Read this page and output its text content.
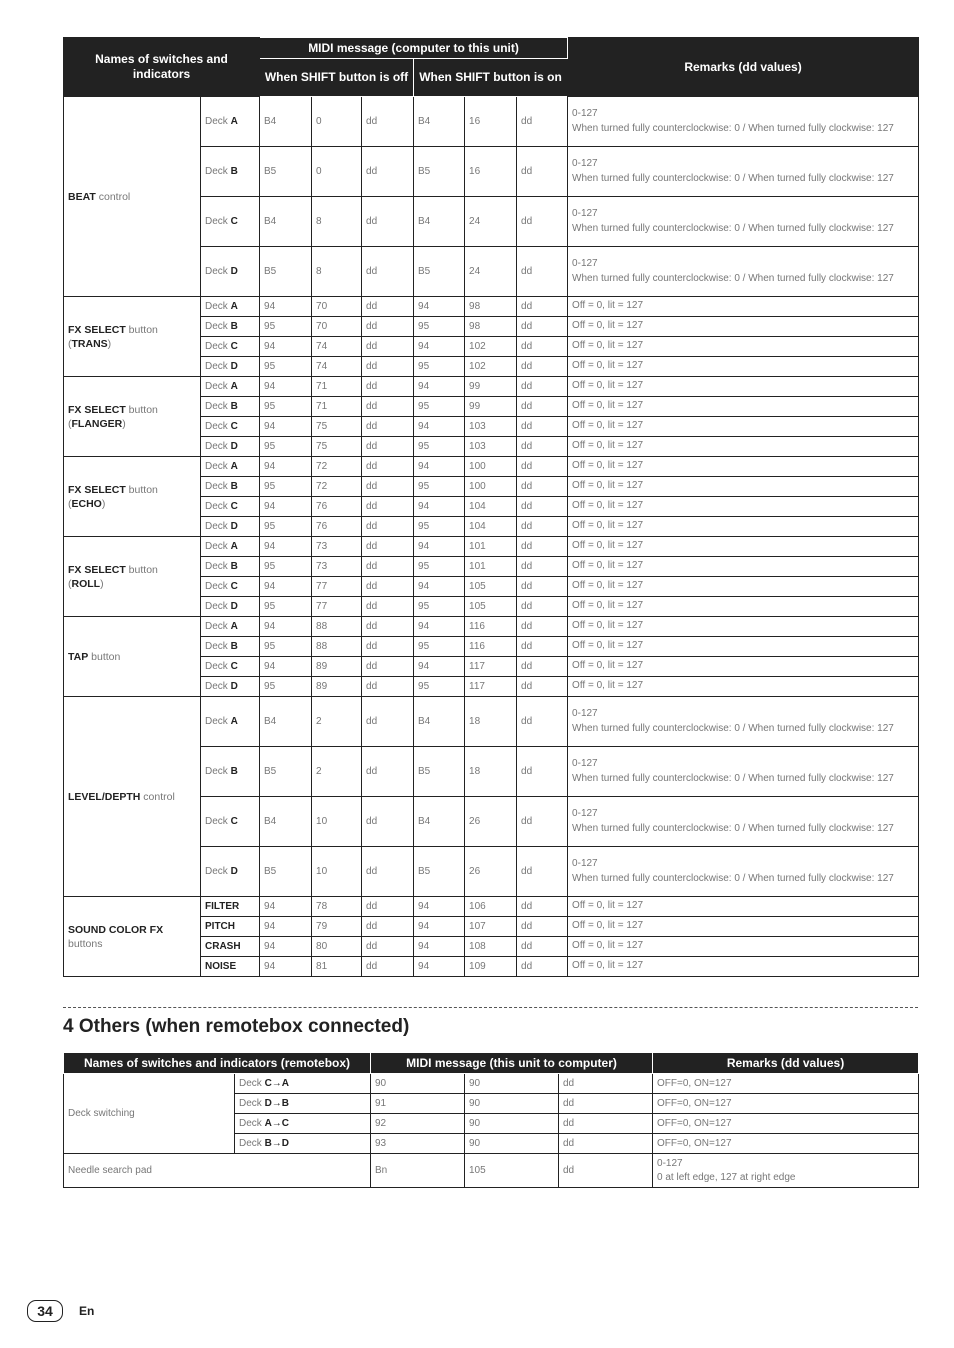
Names of switches and indicators		MIDI message (computer to this unit)						Remarks (dd values)
		When SHIFT button is off			When SHIFT button is on			
BEAT control	Deck A	B4	0	dd	B4	16	dd	0-127
When turned fully counterclockwise: 0 / When turned fully clockwise: 127
	Deck B	B5	0	dd	B5	16	dd	0-127
When turned fully counterclockwise: 0 / When turned fully clockwise: 127
	Deck C	B4	8	dd	B4	24	dd	0-127
When turned fully counterclockwise: 0 / When turned fully clockwise: 127
	Deck D	B5	8	dd	B5	24	dd	0-127
When turned fully counterclockwise: 0 / When turned fully clockwise: 127
FX SELECT button
(TRANS)	Deck A	94	70	dd	94	98	dd	Off = 0, lit = 127
	Deck B	95	70	dd	95	98	dd	Off = 0, lit = 127
	Deck C	94	74	dd	94	102	dd	Off = 0, lit = 127
	Deck D	95	74	dd	95	102	dd	Off = 0, lit = 127
FX SELECT button
(FLANGER)	Deck A	94	71	dd	94	99	dd	Off = 0, lit = 127
	Deck B	95	71	dd	95	99	dd	Off = 0, lit = 127
	Deck C	94	75	dd	94	103	dd	Off = 0, lit = 127
	Deck D	95	75	dd	95	103	dd	Off = 0, lit = 127
FX SELECT button
(ECHO)	Deck A	94	72	dd	94	100	dd	Off = 0, lit = 127
	Deck B	95	72	dd	95	100	dd	Off = 0, lit = 127
	Deck C	94	76	dd	94	104	dd	Off = 0, lit = 127
	Deck D	95	76	dd	95	104	dd	Off = 0, lit = 127
FX SELECT button (ROLL)	Deck A	94	73	dd	94	101	dd	Off = 0, lit = 127
	Deck B	95	73	dd	95	101	dd	Off = 0, lit = 127
	Deck C	94	77	dd	94	105	dd	Off = 0, lit = 127
	Deck D	95	77	dd	95	105	dd	Off = 0, lit = 127
TAP button	Deck A	94	88	dd	94	116	dd	Off = 0, lit = 127
	Deck B	95	88	dd	95	116	dd	Off = 0, lit = 127
	Deck C	94	89	dd	94	117	dd	Off = 0, lit = 127
	Deck D	95	89	dd	95	117	dd	Off = 0, lit = 127
LEVEL/DEPTH control	Deck A	B4	2	dd	B4	18	dd	0-127
When turned fully counterclockwise: 0 / When turned fully clockwise: 127
	Deck B	B5	2	dd	B5	18	dd	0-127
When turned fully counterclockwise: 0 / When turned fully clockwise: 127
	Deck C	B4	10	dd	B4	26	dd	0-127
When turned fully counterclockwise: 0 / When turned fully clockwise: 127
	Deck D	B5	10	dd	B5	26	dd	0-127
When turned fully counterclockwise: 0 / When turned fully clockwise: 127
SOUND COLOR FX
buttons	FILTER	94	78	dd	94	106	dd	Off = 0, lit = 127
	PITCH	94	79	dd	94	107	dd	Off = 0, lit = 127
	CRASH	94	80	dd	94	108	dd	Off = 0, lit = 127
	NOISE	94	81	dd	94	109	dd	Off = 0, lit = 127
4 Others (when remotebox connected)
Names of switches and indicators (remotebox)		MIDI message (this unit to computer)			Remarks (dd values)
Deck switching	Deck C→A	90	90	dd	OFF=0, ON=127
	Deck D→B	91	90	dd	OFF=0, ON=127
	Deck A→C	92	90	dd	OFF=0, ON=127
	Deck B→D	93	90	dd	OFF=0, ON=127
Needle search pad		Bn	105	dd	0-127
0 at left edge, 127 at right edge
34	En
